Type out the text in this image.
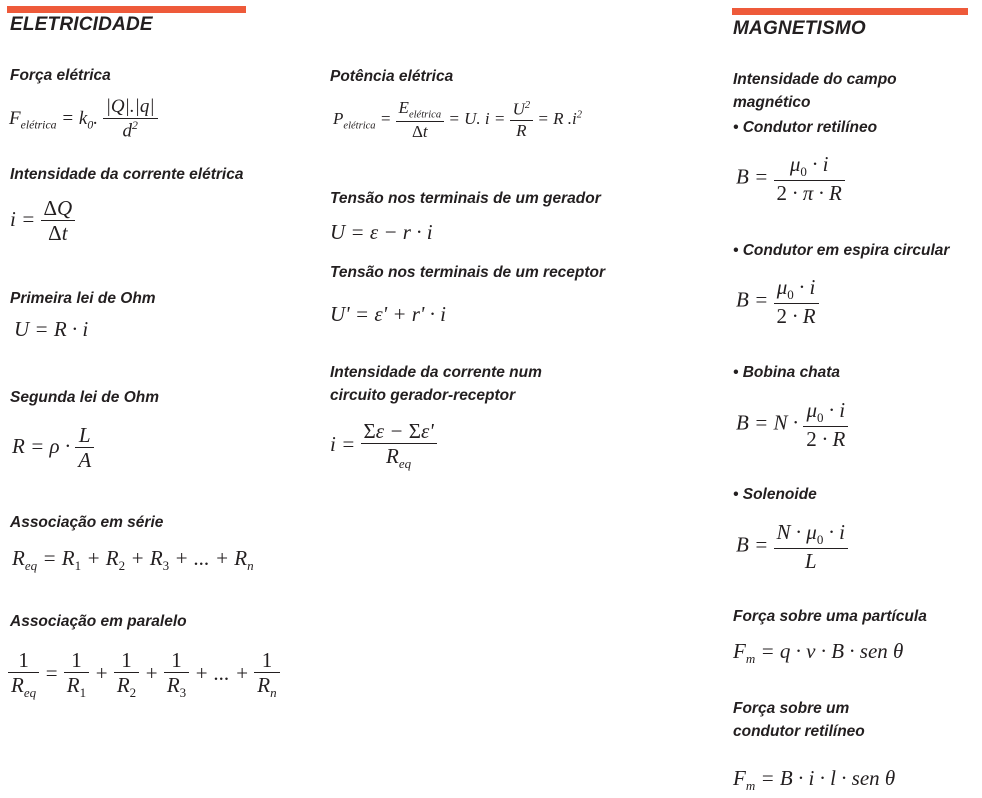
ELETRICIDADE	MAGNETISMO
Força elétrica
$F_{elétrica} = k_0$. $\frac{|Q|.|q|}{d^2}$
Intensidade da corrente elétrica
$i = \frac{\Delta Q}{\Delta t}$
Primeira lei de Ohm
U = R · i
Segunda lei de Ohm
$R = \rho \cdot \frac{L}{A}$
Associação em série
$R_{eq} = R_1 + R_2 + R_3$ + ... + $R_n$
Associação em paralelo
$\frac{1}{R_{eq}} = \frac{1}{R_1} + \frac{1}{R_2} + \frac{1}{R_3}$ + ... + $\frac{1}{R_n}$
Potência elétrica
$P_{elétrica} = \frac{E_{elétrica}}{\Delta t} = U$. $i = \frac{U^2}{R} = R$ $.i^2$
Tensão nos terminais de um gerador
U = ε − r · i
Tensão nos terminais de um receptor
U' = ε' + r' · i
Intensidade da corrente num circuito gerador-receptor
$i = \frac{\Sigma\varepsilon - \Sigma\varepsilon'}{R_{eq}}$
Intensidade do campo magnético
• Condutor retilíneo
$B = \frac{\mu_0 \cdot i}{2 \cdot \pi \cdot R}$
• Condutor em espira circular
$B = \frac{\mu_0 \cdot i}{2 \cdot R}$
• Bobina chata
$B = N \cdot \frac{\mu_0 \cdot i}{2 \cdot R}$
• Solenoide
$B = \frac{N \cdot \mu_0 \cdot i}{L}$
Força sobre uma partícula
$F_m = q \cdot v \cdot B$ · sen θ
Força sobre um condutor retilíneo
$F_m = B \cdot i \cdot l$ · sen θ
